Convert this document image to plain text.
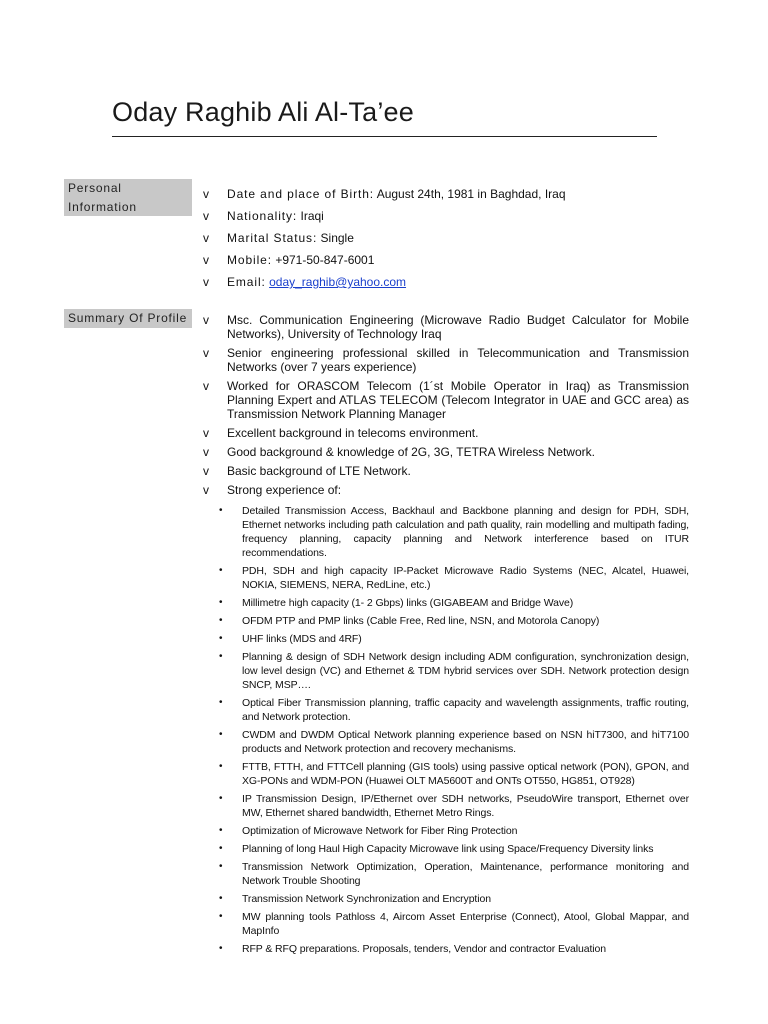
Oday Raghib Ali Al-Ta’ee
Personal
Information
v Date and place of Birth: August 24th, 1981 in Baghdad, Iraq
v Nationality: Iraqi
v Marital Status: Single
v Mobile: +971-50-847-6001
v Email: oday_raghib@yahoo.com
Summary Of Profile	v Msc. Communication Engineering (Microwave Radio Budget Calculator for Mobile Networks), University of Technology Iraq
v Senior engineering professional skilled in Telecommunication and Transmission Networks (over 7 years experience)
v Worked for ORASCOM Telecom (1´st Mobile Operator in Iraq) as Transmission Planning Expert and ATLAS TELECOM (Telecom Integrator in UAE and GCC area) as Transmission Network Planning Manager
v Excellent background in telecoms environment.
v Good background & knowledge of 2G, 3G, TETRA Wireless Network.
v Basic background of LTE Network.
v Strong experience of:
• Detailed Transmission Access, Backhaul and Backbone planning and design for PDH, SDH, Ethernet networks including path calculation and path quality, rain modelling and multipath fading, frequency planning, capacity planning and Network interference based on ITUR recommendations.
• PDH, SDH and high capacity IP-Packet Microwave Radio Systems (NEC, Alcatel, Huawei, NOKIA, SIEMENS, NERA, RedLine, etc.)
• Millimetre high capacity (1- 2 Gbps) links (GIGABEAM and Bridge Wave)
• OFDM PTP and PMP links (Cable Free, Red line, NSN, and Motorola Canopy)
• UHF links (MDS and 4RF)
• Planning & design of SDH Network design including ADM configuration, synchronization design, low level design (VC) and Ethernet & TDM hybrid services over SDH. Network protection design SNCP, MSP….
• Optical Fiber Transmission planning, traffic capacity and wavelength assignments, traffic routing, and Network protection.
• CWDM and DWDM Optical Network planning experience based on NSN hiT7300, and hiT7100 products and Network protection and recovery mechanisms.
• FTTB, FTTH, and FTTCell planning (GIS tools) using passive optical network (PON), GPON, and XG-PONs and WDM-PON (Huawei OLT MA5600T and ONTs OT550, HG851, OT928)
• IP Transmission Design, IP/Ethernet over SDH networks, PseudoWire transport, Ethernet over MW, Ethernet shared bandwidth, Ethernet Metro Rings.
• Optimization of Microwave Network for Fiber Ring Protection
• Planning of long Haul High Capacity Microwave link using Space/Frequency Diversity links
• Transmission Network Optimization, Operation, Maintenance, performance monitoring and Network Trouble Shooting
• Transmission Network Synchronization and Encryption
• MW planning tools Pathloss 4, Aircom Asset Enterprise (Connect), Atool, Global Mappar, and MapInfo
• RFP & RFQ preparations. Proposals, tenders, Vendor and contractor Evaluation
